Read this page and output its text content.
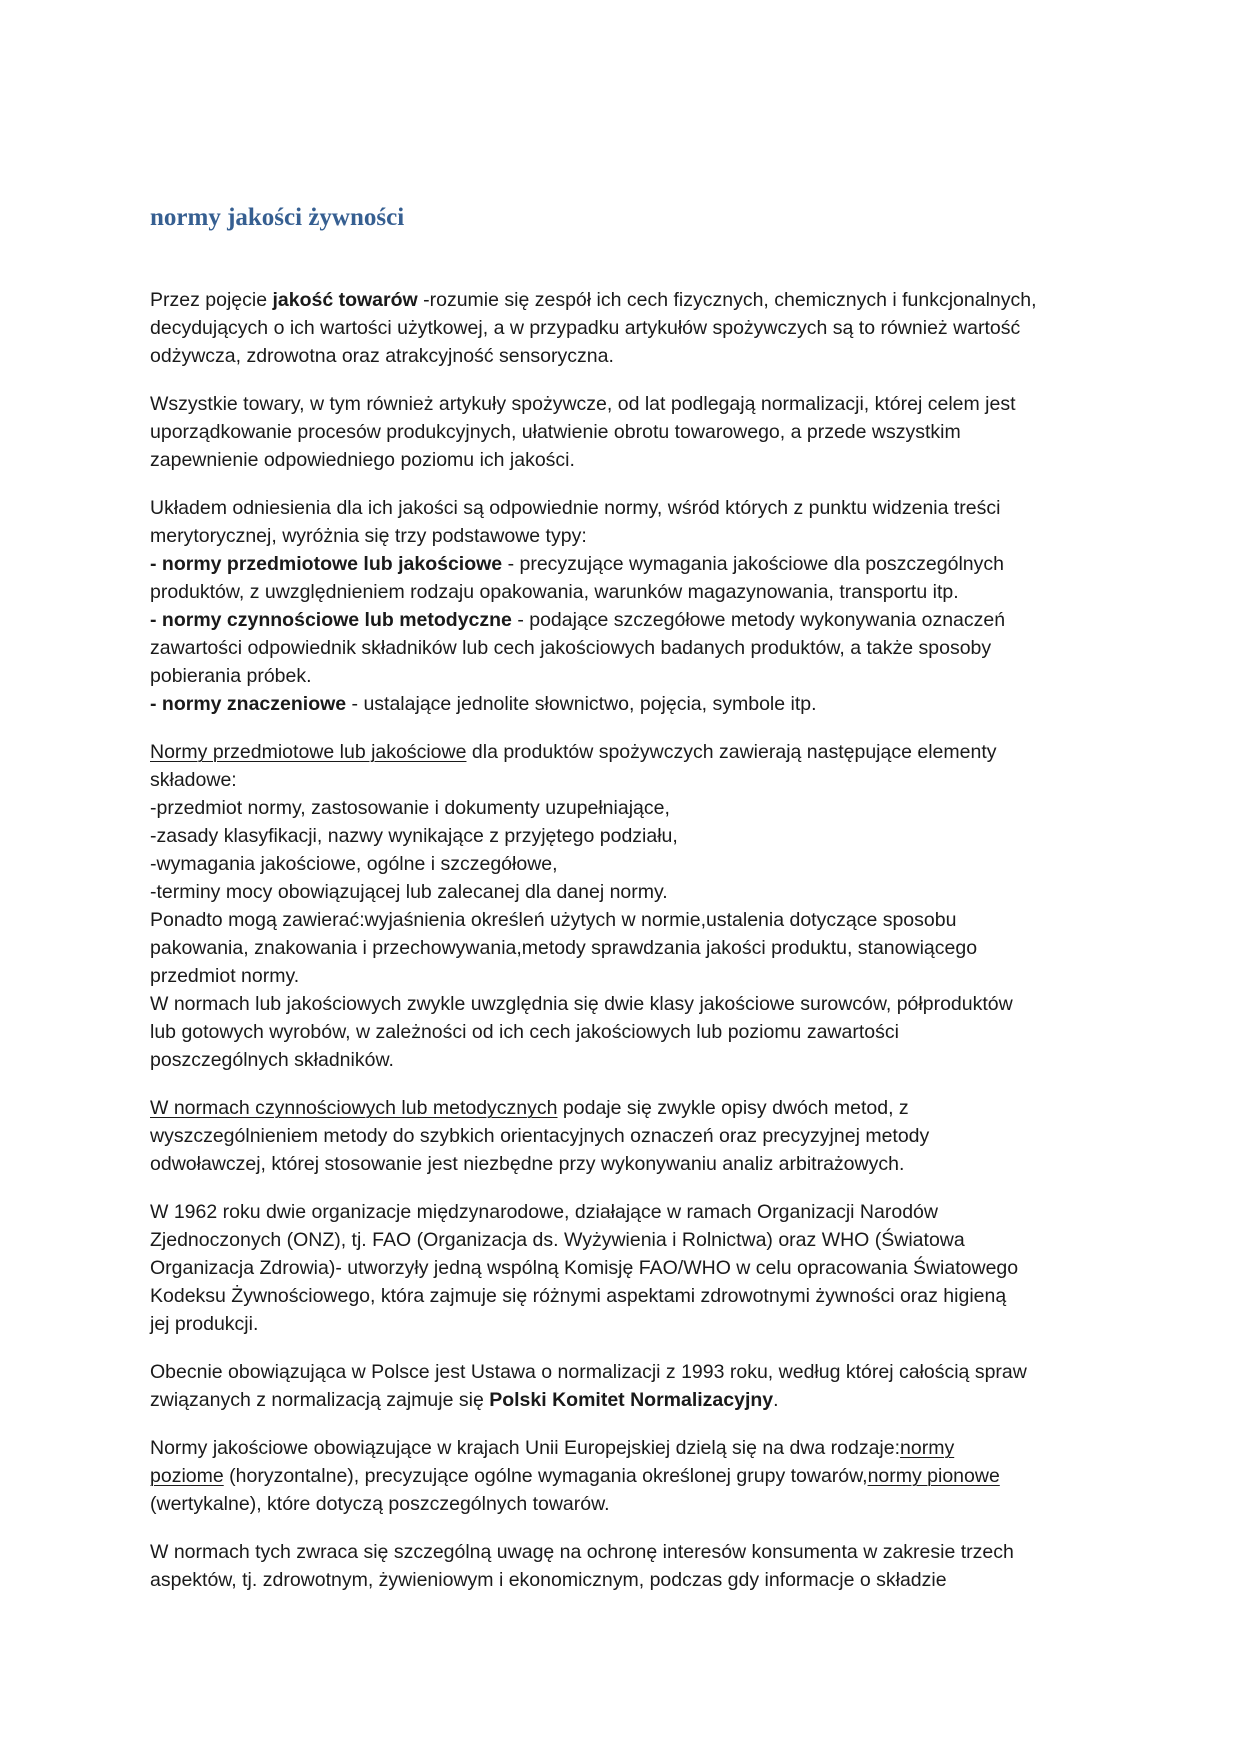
normy jakości żywności

Przez pojęcie jakość towarów -rozumie się zespół ich cech fizycznych, chemicznych i funkcjonalnych,
decydujących o ich wartości użytkowej, a w przypadku artykułów spożywczych są to również wartość
odżywcza, zdrowotna oraz atrakcyjność sensoryczna.

Wszystkie towary, w tym również artykuły spożywcze, od lat podlegają normalizacji, której celem jest
uporządkowanie procesów produkcyjnych, ułatwienie obrotu towarowego, a przede wszystkim
zapewnienie odpowiedniego poziomu ich jakości.

Układem odniesienia dla ich jakości są odpowiednie normy, wśród których z punktu widzenia treści
merytorycznej, wyróżnia się trzy podstawowe typy:
- normy przedmiotowe lub jakościowe - precyzujące wymagania jakościowe dla poszczególnych
produktów, z uwzględnieniem rodzaju opakowania, warunków magazynowania, transportu itp.
- normy czynnościowe lub metodyczne - podające szczegółowe metody wykonywania oznaczeń
zawartości odpowiednik składników lub cech jakościowych badanych produktów, a także sposoby
pobierania próbek.
- normy znaczeniowe - ustalające jednolite słownictwo, pojęcia, symbole itp.

Normy przedmiotowe lub jakościowe dla produktów spożywczych zawierają następujące elementy
składowe:
-przedmiot normy, zastosowanie i dokumenty uzupełniające,
-zasady klasyfikacji, nazwy wynikające z przyjętego podziału,
-wymagania jakościowe, ogólne i szczegółowe,
-terminy mocy obowiązującej lub zalecanej dla danej normy.
Ponadto mogą zawierać:wyjaśnienia określeń użytych w normie,ustalenia dotyczące sposobu
pakowania, znakowania i przechowywania,metody sprawdzania jakości produktu, stanowiącego
przedmiot normy.
W normach lub jakościowych zwykle uwzględnia się dwie klasy jakościowe surowców, półproduktów
lub gotowych wyrobów, w zależności od ich cech jakościowych lub poziomu zawartości
poszczególnych składników.

W normach czynnościowych lub metodycznych podaje się zwykle opisy dwóch metod, z
wyszczególnieniem metody do szybkich orientacyjnych oznaczeń oraz precyzyjnej metody
odwoławczej, której stosowanie jest niezbędne przy wykonywaniu analiz arbitrażowych.

W 1962 roku dwie organizacje międzynarodowe, działające w ramach Organizacji Narodów
Zjednoczonych (ONZ), tj. FAO (Organizacja ds. Wyżywienia i Rolnictwa) oraz WHO (Światowa
Organizacja Zdrowia)- utworzyły jedną wspólną Komisję FAO/WHO w celu opracowania Światowego
Kodeksu Żywnościowego, która zajmuje się różnymi aspektami zdrowotnymi żywności oraz higieną
jej produkcji.

Obecnie obowiązująca w Polsce jest Ustawa o normalizacji z 1993 roku, według której całością spraw
związanych z normalizacją zajmuje się Polski Komitet Normalizacyjny.

Normy jakościowe obowiązujące w krajach Unii Europejskiej dzielą się na dwa rodzaje:normy
poziome (horyzontalne), precyzujące ogólne wymagania określonej grupy towarów,normy pionowe
(wertykalne), które dotyczą poszczególnych towarów.

W normach tych zwraca się szczególną uwagę na ochronę interesów konsumenta w zakresie trzech
aspektów, tj. zdrowotnym, żywieniowym i ekonomicznym, podczas gdy informacje o składzie
